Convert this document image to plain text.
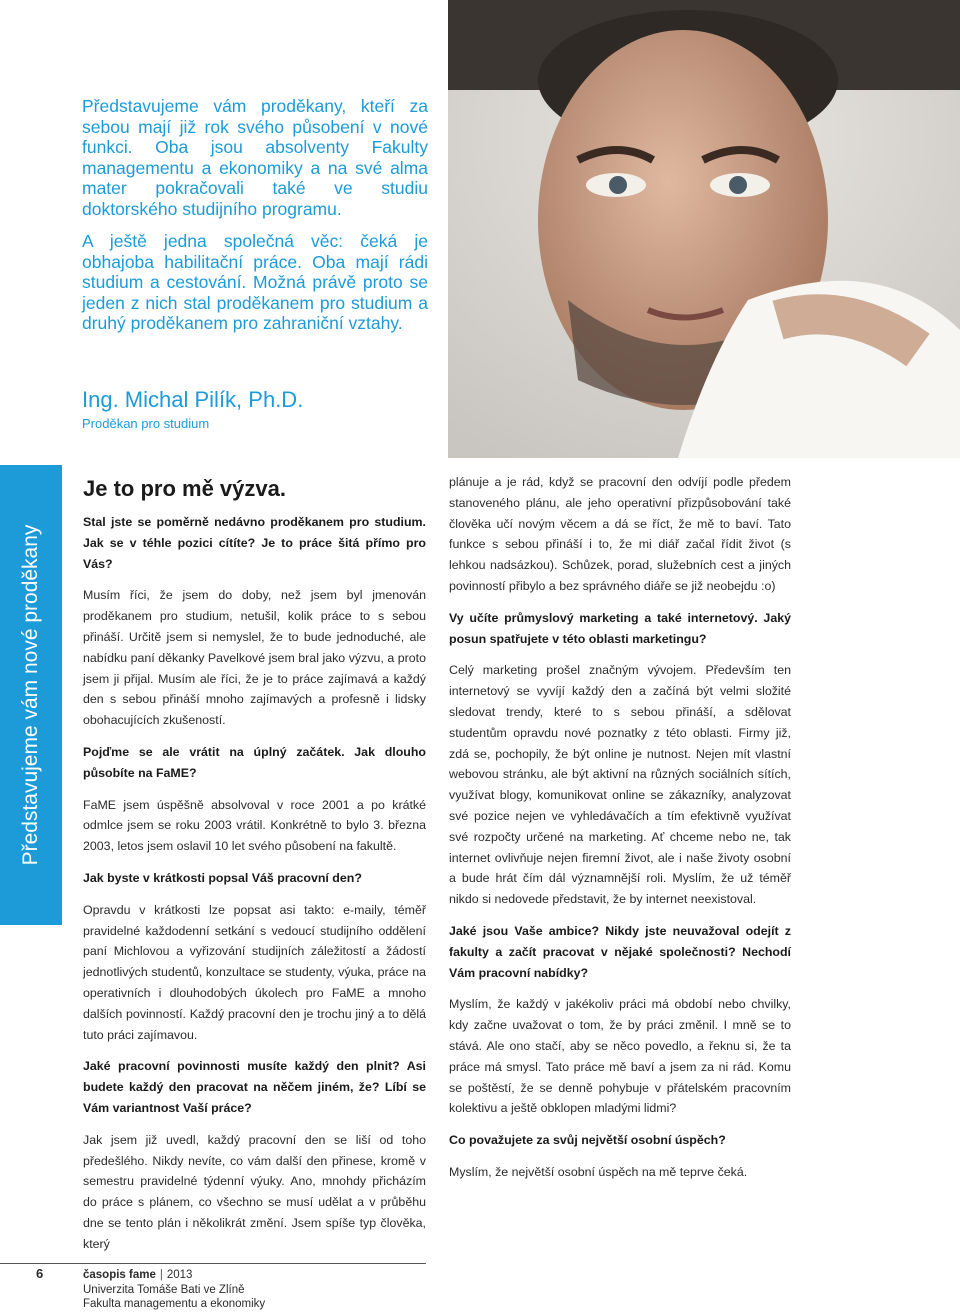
Představujeme vám proděkany, kteří za sebou mají již rok svého působení v nové funkci. Oba jsou absolventy Fakulty managementu a ekonomiky a na své alma mater pokračovali také ve studiu doktorského studijního programu.

A ještě jedna společná věc: čeká je obhajoba habilitační práce. Oba mají rádi studium a cestování. Možná právě proto se jeden z nich stal proděkanem pro studium a druhý proděkanem pro zahraniční vztahy.

Ing. Michal Pilík, Ph.D.

Proděkan pro studium

Představujeme vám nové proděkany
Je to pro mě výzva.

Stal jste se poměrně nedávno proděkanem pro studium. Jak se v téhle pozici cítíte? Je to práce šitá přímo pro Vás?

Musím říci, že jsem do doby, než jsem byl jmenován proděkanem pro studium, netušil, kolik práce to s sebou přináší. Určitě jsem si nemyslel, že to bude jednoduché, ale nabídku paní děkanky Pavelkové jsem bral jako výzvu, a proto jsem ji přijal. Musím ale říci, že je to práce zajímavá a každý den s sebou přináší mnoho zajímavých a profesně i lidsky obohacujících zkušeností.

Pojďme se ale vrátit na úplný začátek. Jak dlouho působíte na FaME?

FaME jsem úspěšně absolvoval v roce 2001 a po krátké odmlce jsem se roku 2003 vrátil. Konkrétně to bylo 3. března 2003, letos jsem oslavil 10 let svého působení na fakultě.

Jak byste v krátkosti popsal Váš pracovní den?

Opravdu v krátkosti lze popsat asi takto: e-maily, téměř pravidelné každodenní setkání s vedoucí studijního oddělení paní Michlovou a vyřizování studijních záležitostí a žádostí jednotlivých studentů, konzultace se studenty, výuka, práce na operativních i dlouhodobých úkolech pro FaME a mnoho dalších povinností. Každý pracovní den je trochu jiný a to dělá tuto práci zajímavou.

Jaké pracovní povinnosti musíte každý den plnit? Asi budete každý den pracovat na něčem jiném, že? Líbí se Vám variantnost Vaší práce?

Jak jsem již uvedl, každý pracovní den se liší od toho předešlého. Nikdy nevíte, co vám další den přinese, kromě v semestru pravidelné týdenní výuky. Ano, mnohdy přicházím do práce s plánem, co všechno se musí udělat a v průběhu dne se tento plán i několikrát změní. Jsem spíše typ člověka, který

plánuje a je rád, když se pracovní den odvíjí podle předem stanoveného plánu, ale jeho operativní přizpůsobování také člověka učí novým věcem a dá se říct, že mě to baví. Tato funkce s sebou přináší i to, že mi diář začal řídit život (s lehkou nadsázkou). Schůzek, porad, služebních cest a jiných povinností přibylo a bez správného diáře se již neobejdu :o)

Vy učíte průmyslový marketing a také internetový. Jaký posun spatřujete v této oblasti marketingu?

Celý marketing prošel značným vývojem. Především ten internetový se vyvíjí každý den a začíná být velmi složité sledovat trendy, které to s sebou přináší, a sdělovat studentům opravdu nové poznatky z této oblasti. Firmy již, zdá se, pochopily, že být online je nutnost. Nejen mít vlastní webovou stránku, ale být aktivní na různých sociálních sítích, využívat blogy, komunikovat online se zákazníky, analyzovat své pozice nejen ve vyhledávačích a tím efektivně využívat své rozpočty určené na marketing. Ať chceme nebo ne, tak internet ovlivňuje nejen firemní život, ale i naše životy osobní a bude hrát čím dál významnější roli. Myslím, že už téměř nikdo si nedovede představit, že by internet neexistoval.

Jaké jsou Vaše ambice? Nikdy jste neuvažoval odejít z fakulty a začít pracovat v nějaké společnosti? Nechodí Vám pracovní nabídky?

Myslím, že každý v jakékoliv práci má období nebo chvilky, kdy začne uvažovat o tom, že by práci změnil. I mně se to stává. Ale ono stačí, aby se něco povedlo, a řeknu si, že ta práce má smysl. Tato práce mě baví a jsem za ni rád. Komu se poštěstí, že se denně pohybuje v přátelském pracovním kolektivu a ještě obklopen mladými lidmi?

Co považujete za svůj největší osobní úspěch?

Myslím, že největší osobní úspěch na mě teprve čeká.

6	časopis fame | 2013
Univerzita Tomáše Bati ve Zlíně
Fakulta managementu a ekonomiky
